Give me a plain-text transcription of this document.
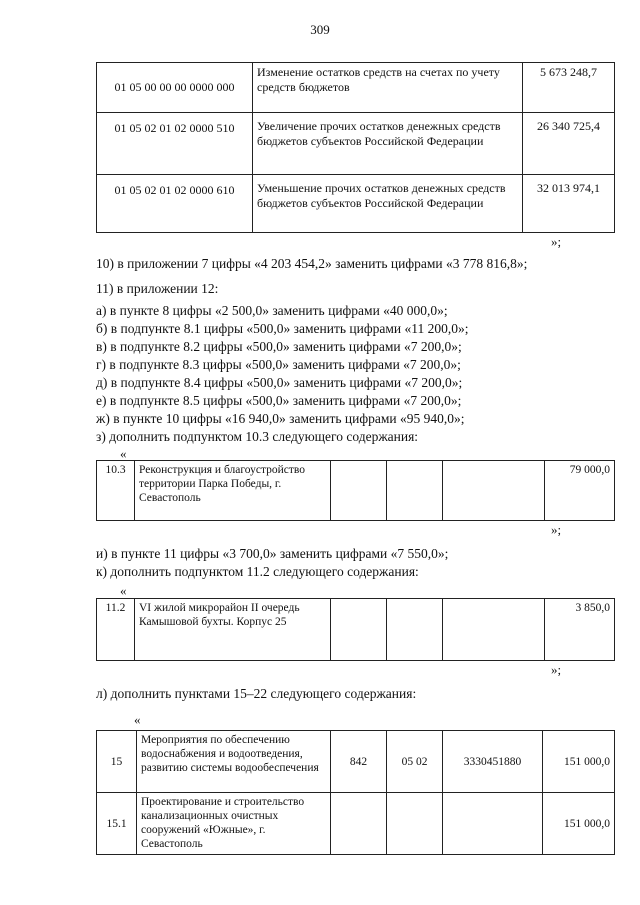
309
01 05 00 00 00 0000 000	Изменение остатков средств на счетах по учету средств бюджетов	5 673 248,7
01 05 02 01 02 0000 510	Увеличение прочих остатков денежных средств бюджетов субъектов Российской Федерации	26 340 725,4
01 05 02 01 02 0000 610	Уменьшение прочих остатков денежных средств бюджетов субъектов Российской Федерации	32 013 974,1
»;
10) в приложении 7 цифры «4 203 454,2» заменить цифрами «3 778 816,8»;
11) в приложении 12:
а) в пункте 8 цифры «2 500,0» заменить цифрами «40 000,0»;
б) в подпункте 8.1 цифры «500,0» заменить цифрами «11 200,0»;
в) в подпункте 8.2 цифры «500,0» заменить цифрами «7 200,0»;
г) в подпункте 8.3 цифры «500,0» заменить цифрами «7 200,0»;
д) в подпункте 8.4 цифры «500,0» заменить цифрами «7 200,0»;
е) в подпункте 8.5 цифры «500,0» заменить цифрами «7 200,0»;
ж) в пункте 10 цифры «16 940,0» заменить цифрами «95 940,0»;
з) дополнить подпунктом 10.3 следующего содержания:
«
10.3	Реконструкция и благоустройство территории Парка Победы, г. Севастополь				79 000,0
»;
и) в пункте 11 цифры «3 700,0» заменить цифрами «7 550,0»;
к) дополнить подпунктом 11.2 следующего содержания:
«
11.2	VI жилой микрорайон II очередь Камышовой бухты. Корпус 25				3 850,0
»;
л) дополнить пунктами 15–22 следующего содержания:
«
15	Мероприятия по обеспечению водоснабжения и водоотведения, развитию системы водообеспечения	842	05 02	3330451880	151 000,0
15.1	Проектирование и строительство канализационных очистных сооружений «Южные», г. Севастополь				151 000,0
